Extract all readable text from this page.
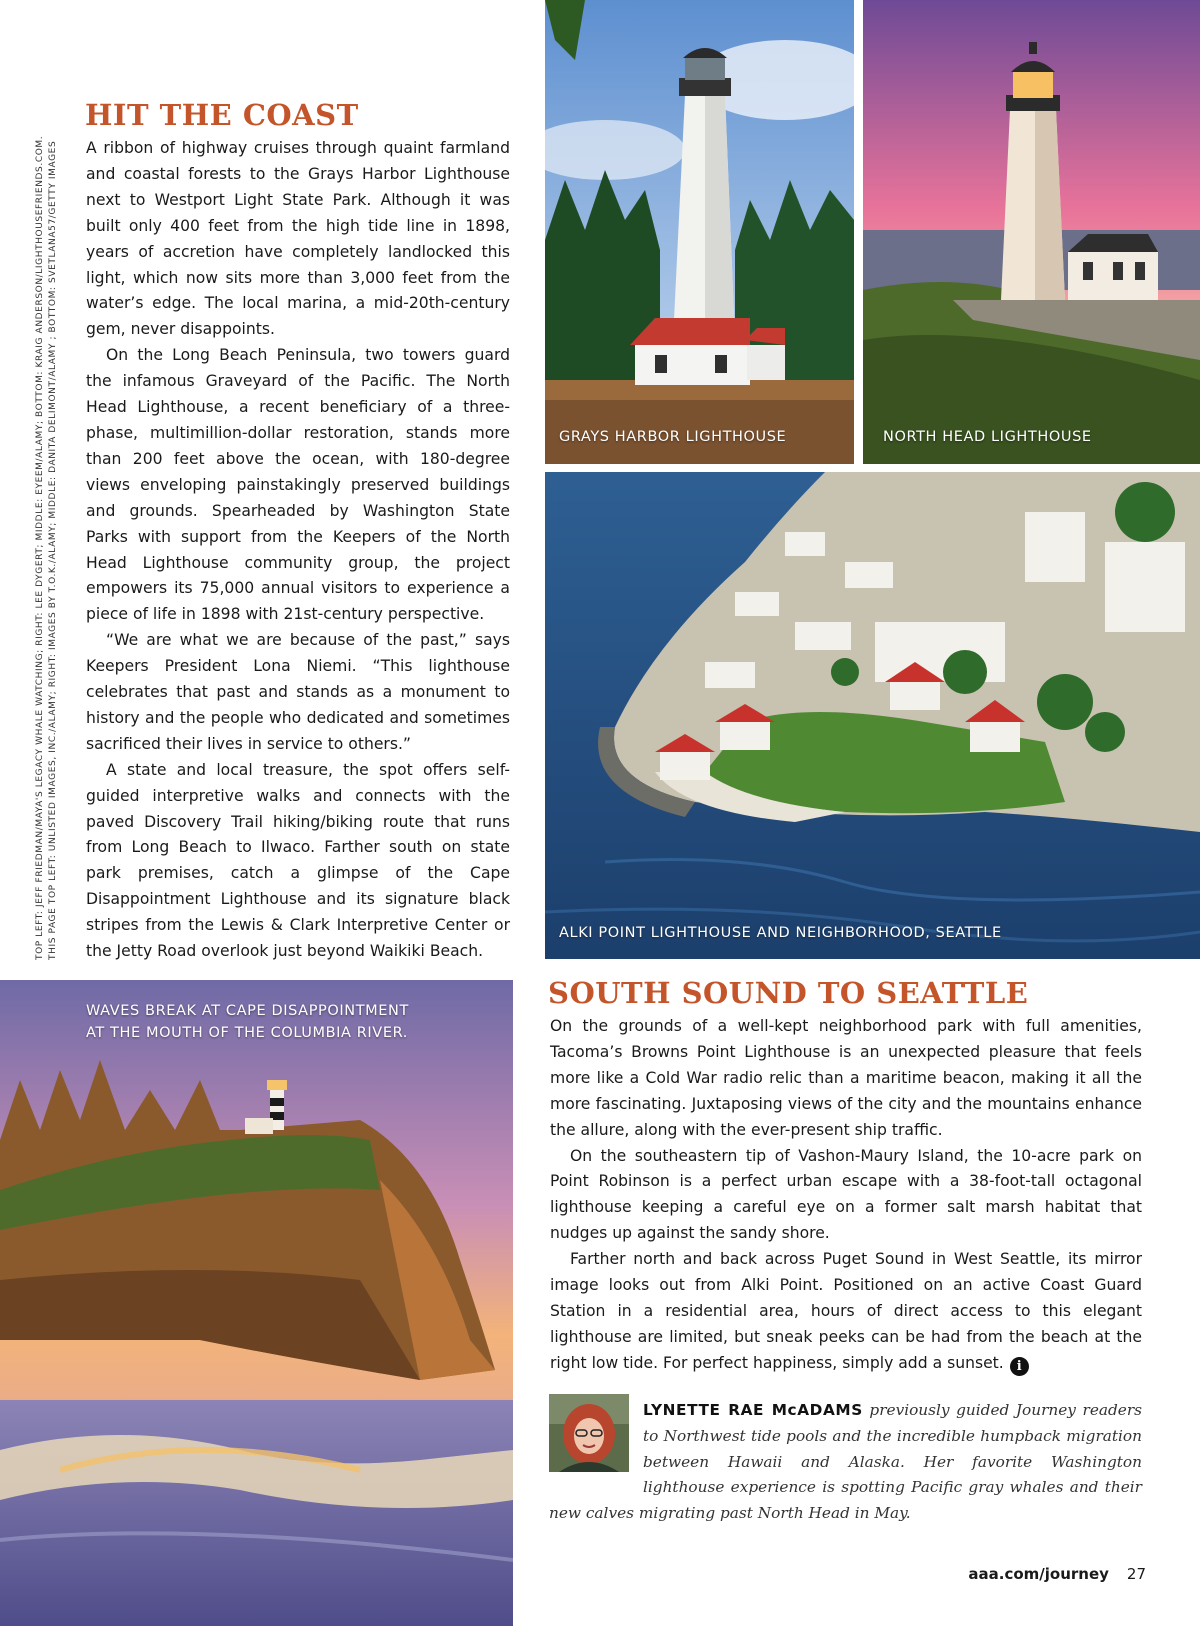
TOP LEFT: JEFF FRIEDMAN/MAYA'S LEGACY WHALE WATCHING; RIGHT: LEE DYGERT; MIDDLE: EYEEM/ALAMY; BOTTOM: KRAIG ANDERSON/LIGHTHOUSEFRIENDS.COM. THIS PAGE TOP LEFT: UNLISTED IMAGES, INC./ALAMY; RIGHT: IMAGES BY T.O.K./ALAMY; MIDDLE: DANITA DELIMONT/ALAMY ; BOTTOM: SVETLANA57/GETTY IMAGES
HIT THE COAST

A ribbon of highway cruises through quaint farmland and coastal forests to the Grays Harbor Lighthouse next to Westport Light State Park. Although it was built only 400 feet from the high tide line in 1898, years of accretion have completely landlocked this light, which now sits more than 3,000 feet from the water’s edge. The local marina, a mid-20th-century gem, never disappoints.

On the Long Beach Peninsula, two towers guard the infamous Graveyard of the Pacific. The North Head Lighthouse, a recent beneficiary of a three-phase, multimillion-dollar restoration, stands more than 200 feet above the ocean, with 180-degree views enveloping painstakingly preserved buildings and grounds. Spearheaded by Washington State Parks with support from the Keepers of the North Head Lighthouse community group, the project empowers its 75,000 annual visitors to experience a piece of life in 1898 with 21st-century perspective.

“We are what we are because of the past,” says Keepers President Lona Niemi. “This lighthouse celebrates that past and stands as a monument to history and the people who dedicated and sometimes sacrificed their lives in service to others.”

A state and local treasure, the spot offers self-guided interpretive walks and connects with the paved Discovery Trail hiking/biking route that runs from Long Beach to Ilwaco. Farther south on state park premises, catch a glimpse of the Cape Disappointment Lighthouse and its signature black stripes from the Lewis & Clark Interpretive Center or the Jetty Road overlook just beyond Waikiki Beach.

GRAYS HARBOR LIGHTHOUSE	NORTH HEAD LIGHTHOUSE
ALKI POINT LIGHTHOUSE AND NEIGHBORHOOD, SEATTLE
WAVES BREAK AT CAPE DISAPPOINTMENT
AT THE MOUTH OF THE COLUMBIA RIVER.
SOUTH SOUND TO SEATTLE

On the grounds of a well-kept neighborhood park with full amenities, Tacoma’s Browns Point Lighthouse is an unexpected pleasure that feels more like a Cold War radio relic than a maritime beacon, making it all the more fascinating. Juxtaposing views of the city and the mountains enhance the allure, along with the ever-present ship traffic.

On the southeastern tip of Vashon-Maury Island, the 10-acre park on Point Robinson is a perfect urban escape with a 38-foot-tall octagonal lighthouse keeping a careful eye on a former salt marsh habitat that nudges up against the sandy shore.

Farther north and back across Puget Sound in West Seattle, its mirror image looks out from Alki Point. Positioned on an active Coast Guard Station in a residential area, hours of direct access to this elegant lighthouse are limited, but sneak peeks can be had from the beach at the right low tide. For perfect happiness, simply add a sunset. i

LYNETTE RAE McADAMS previously guided Journey readers to Northwest tide pools and the incredible humpback migration between Hawaii and Alaska. Her favorite Washington lighthouse experience is spotting Pacific gray whales and their new calves migrating past North Head in May.
aaa.com/journey 27
